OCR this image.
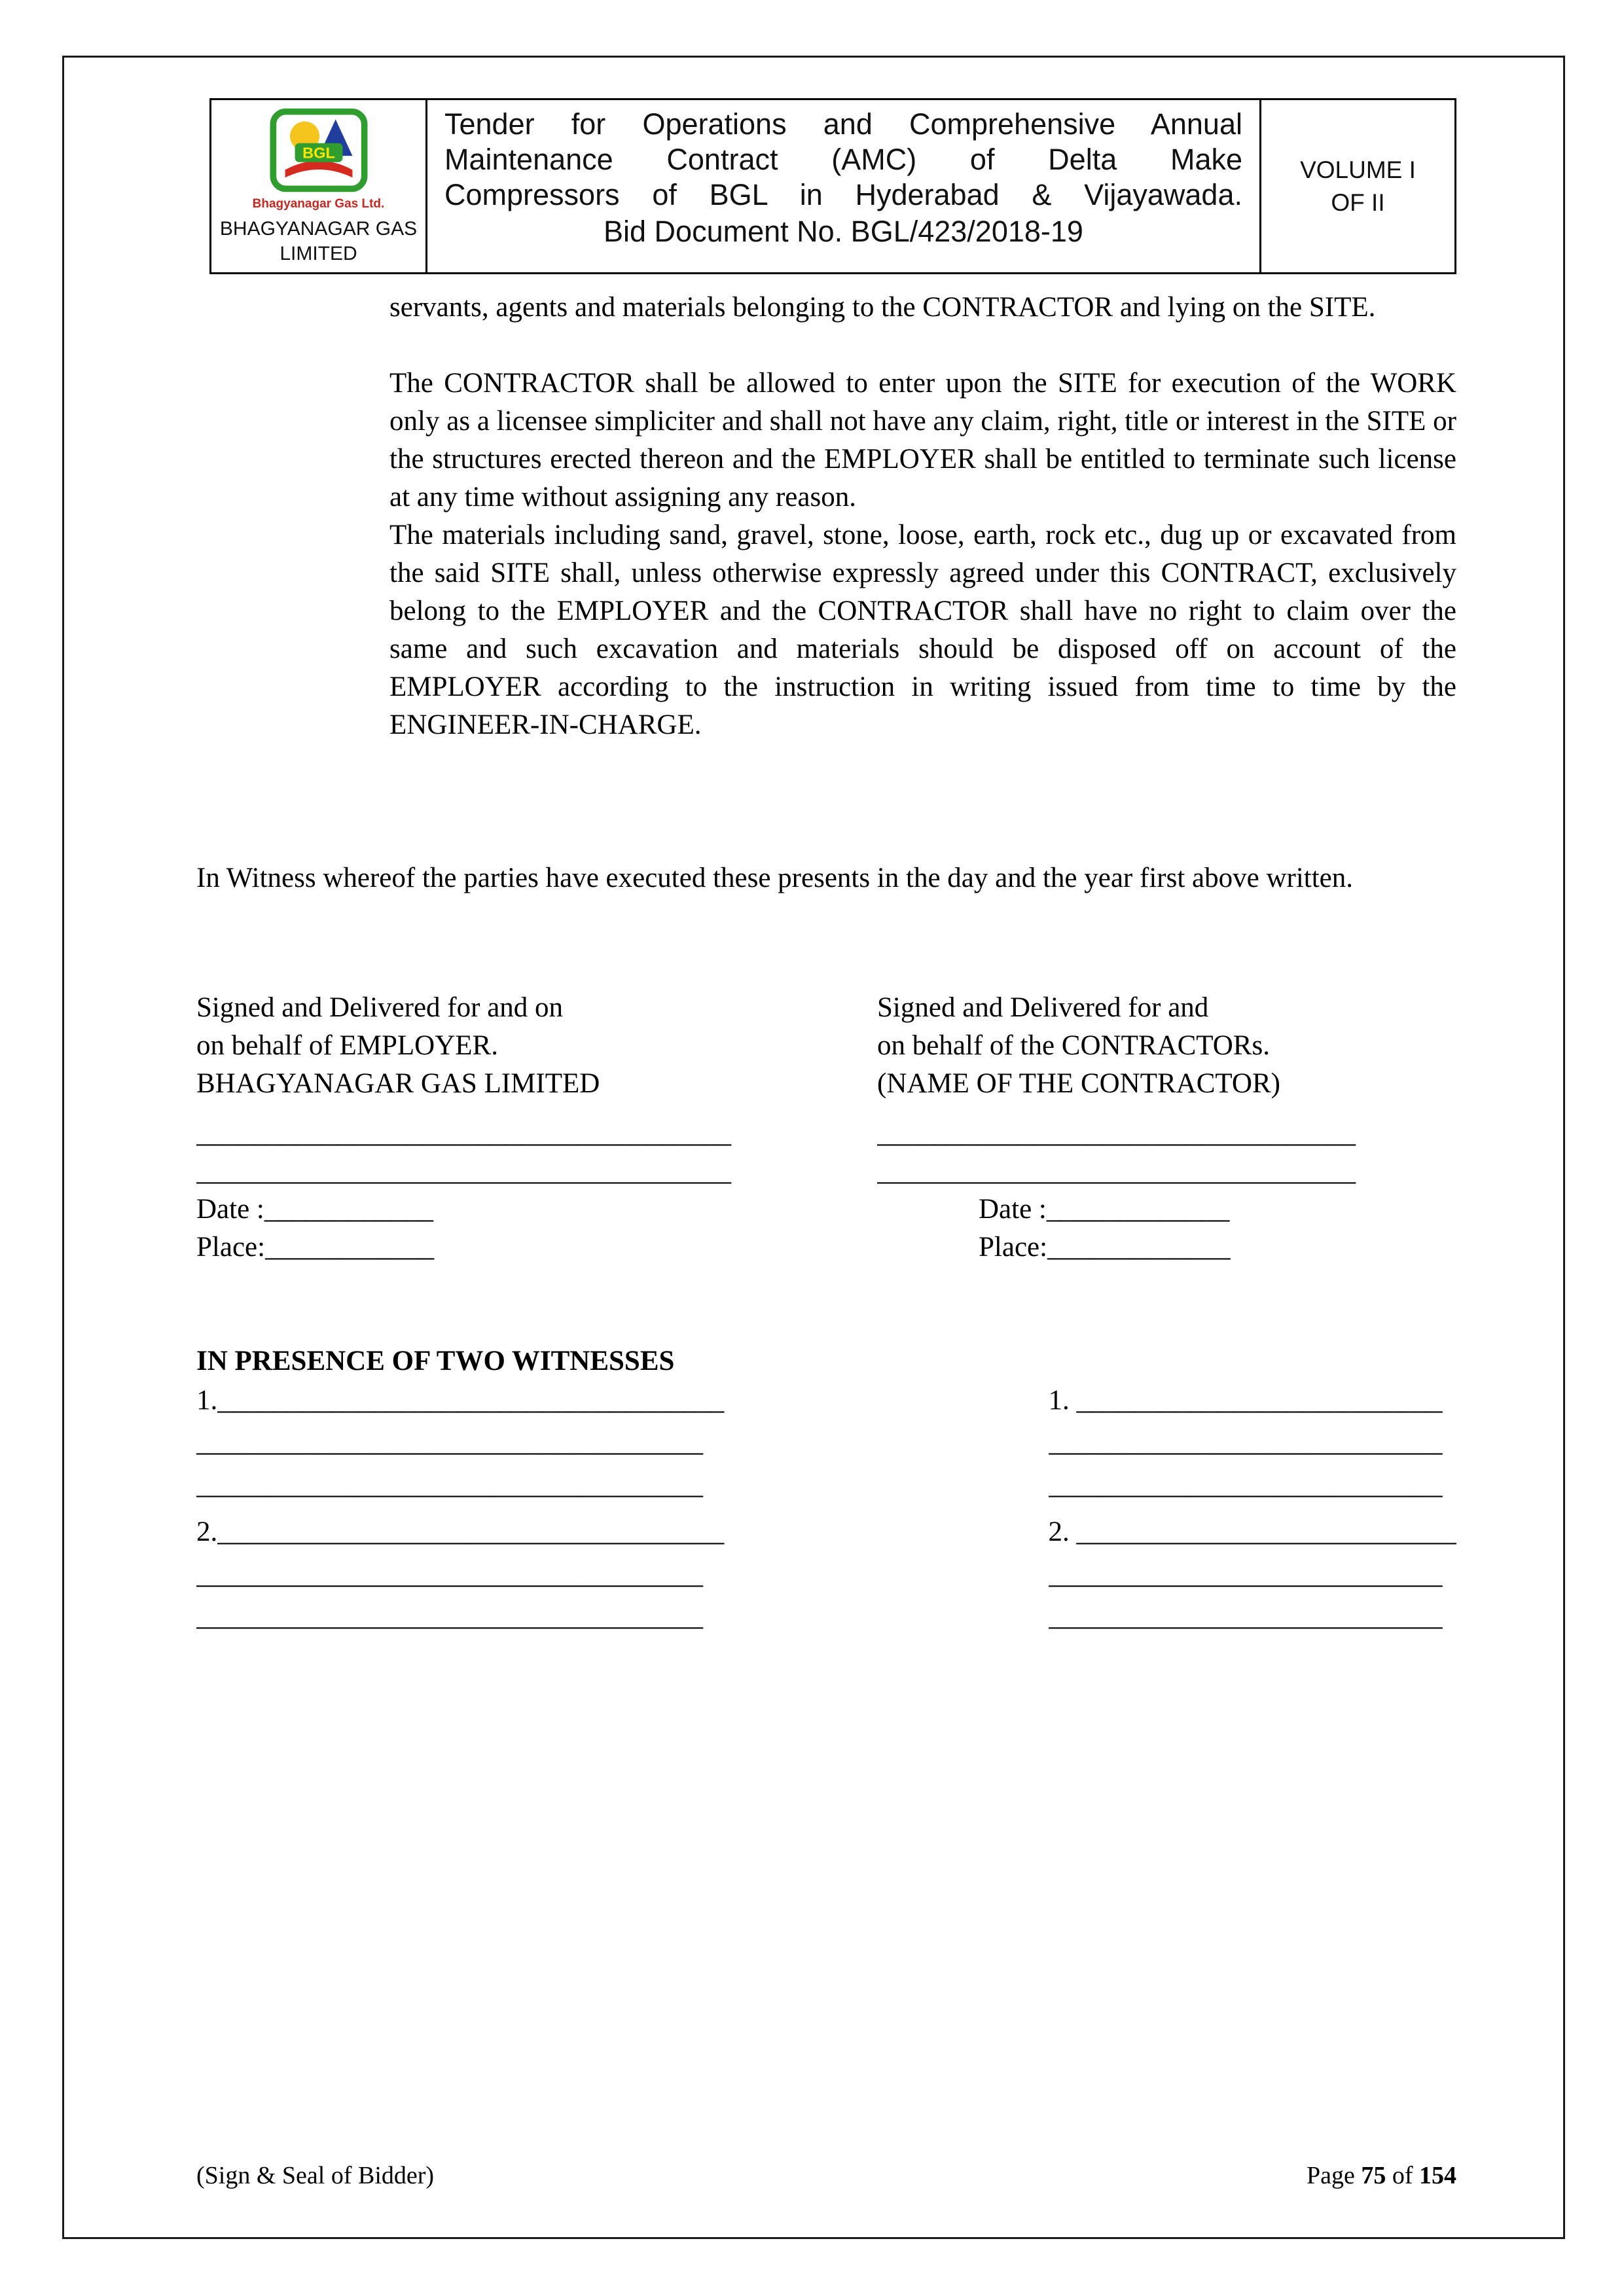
BGL
Bhagyanagar Gas Ltd.
BHAGYANAGAR GAS LIMITED
Tender for Operations and Comprehensive Annual
Maintenance Contract (AMC) of Delta Make
Compressors of BGL in Hyderabad & Vijayawada.
Bid Document No. BGL/423/2018-19
VOLUME I
OF II
servants, agents and materials belonging to the CONTRACTOR and lying on the SITE.
The CONTRACTOR shall be allowed to enter upon the SITE for execution of the WORK only as a licensee simpliciter and shall not have any claim, right, title or interest in the SITE or the structures erected thereon and the EMPLOYER shall be entitled to terminate such license at any time without assigning any reason.
The materials including sand, gravel, stone, loose, earth, rock etc., dug up or excavated from the said SITE shall, unless otherwise expressly agreed under this CONTRACT, exclusively belong to the EMPLOYER and the CONTRACTOR shall have no right to claim over the same and such excavation and materials should be disposed off on account of the EMPLOYER according to the instruction in writing issued from time to time by the ENGINEER-IN-CHARGE.
In Witness whereof the parties have executed these presents in the day and the year first above written.
Signed and Delivered for and on
on behalf of EMPLOYER.
BHAGYANAGAR GAS LIMITED
______________________________________
______________________________________
Date :____________
Place:____________
Signed and Delivered for and
on behalf of the CONTRACTORs.
(NAME OF THE CONTRACTOR)
__________________________________
__________________________________
Date :_____________
Place:_____________
IN PRESENCE OF TWO WITNESSES
1.____________________________________
____________________________________
____________________________________
2.____________________________________
____________________________________
____________________________________
1. __________________________
____________________________
____________________________
2. ___________________________
____________________________
____________________________
(Sign & Seal of Bidder)	Page 75 of 154
